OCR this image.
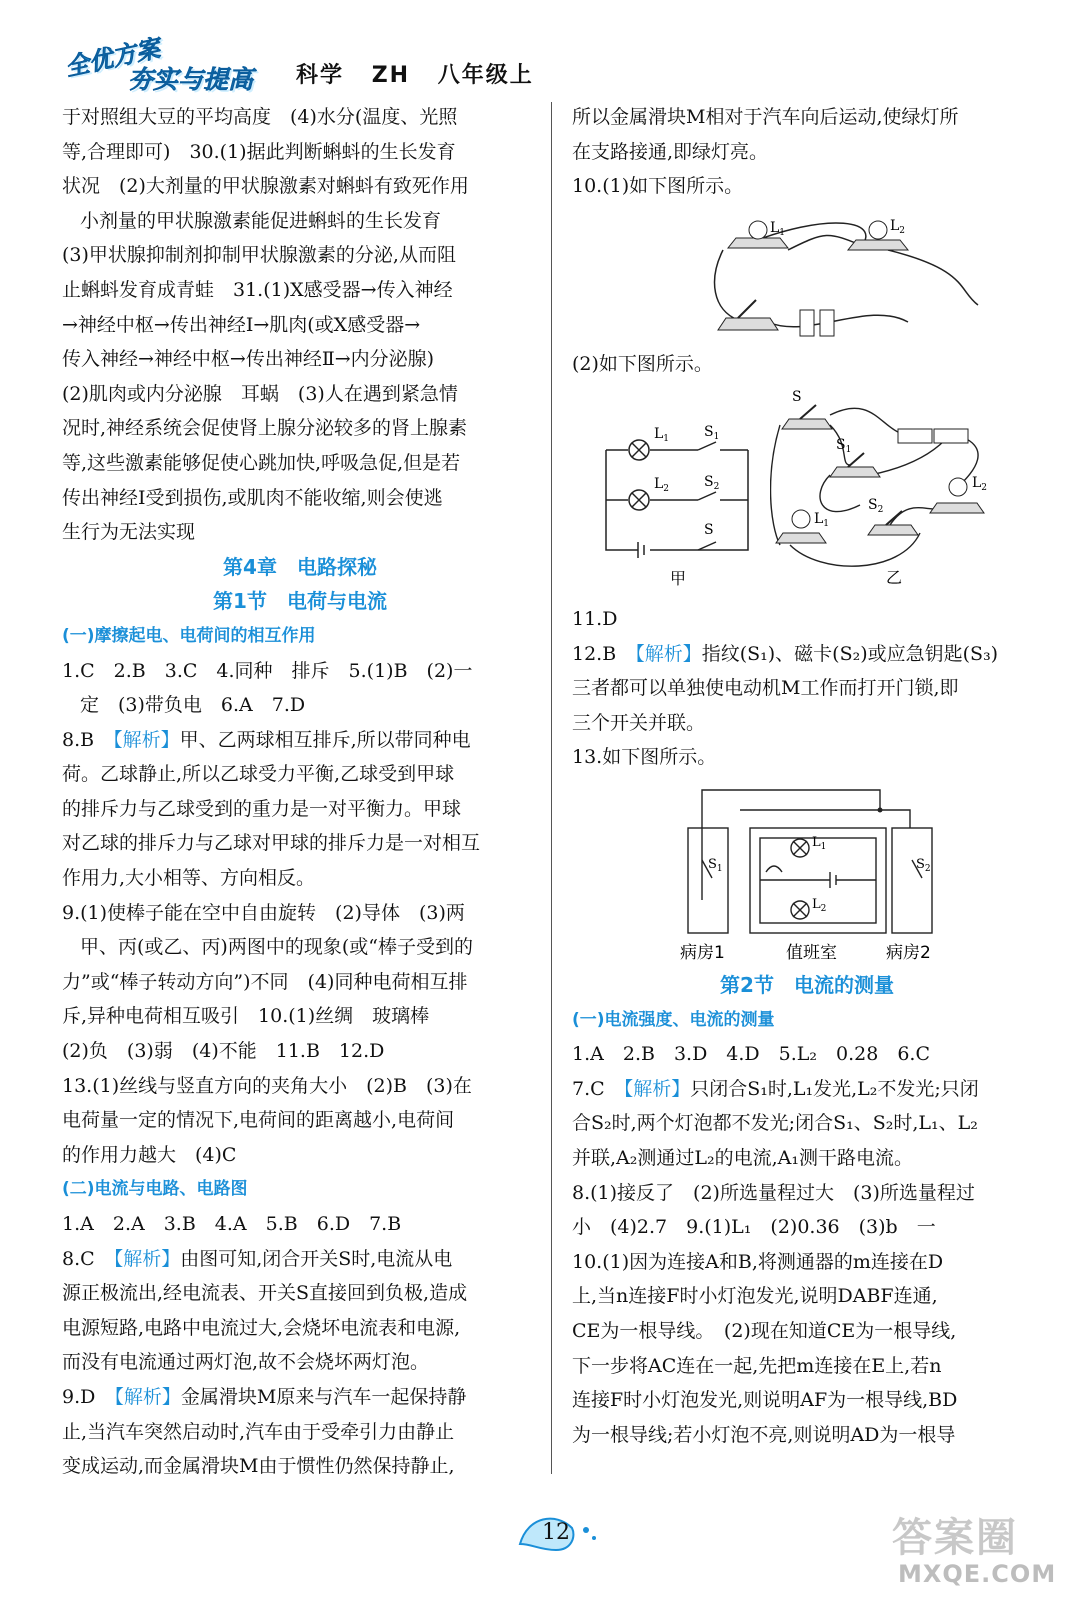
全优方案
夯实与提高 科学 ZH 八年级上

于对照组大豆的平均高度　(4)水分(温度、光照

等,合理即可)　30.(1)据此判断蝌蚪的生长发育

状况　(2)大剂量的甲状腺激素对蝌蚪有致死作用

小剂量的甲状腺激素能促进蝌蚪的生长发育

(3)甲状腺抑制剂抑制甲状腺激素的分泌,从而阻

止蝌蚪发育成青蛙　31.(1)X感受器→传入神经

→神经中枢→传出神经Ⅰ→肌肉(或X感受器→

传入神经→神经中枢→传出神经Ⅱ→内分泌腺)

(2)肌肉或内分泌腺　耳蜗　(3)人在遇到紧急情

况时,神经系统会促使肾上腺分泌较多的肾上腺素

等,这些激素能够促使心跳加快,呼吸急促,但是若

传出神经Ⅰ受到损伤,或肌肉不能收缩,则会使逃

生行为无法实现

第4章　电路探秘

第1节　电荷与电流

(一)摩擦起电、电荷间的相互作用

1.C　2.B　3.C　4.同种　排斥　5.(1)B　(2)一

定　(3)带负电　6.A　7.D

8.B　 【解析】甲、乙两球相互排斥,所以带同种电

荷。乙球静止,所以乙球受力平衡,乙球受到甲球

的排斥力与乙球受到的重力是一对平衡力。甲球

对乙球的排斥力与乙球对甲球的排斥力是一对相互

作用力,大小相等、方向相反。

9.(1)使棒子能在空中自由旋转　(2)导体　(3)两

甲、丙(或乙、丙)两图中的现象(或“棒子受到的

力”或“棒子转动方向”)不同　(4)同种电荷相互排

斥,异种电荷相互吸引　10.(1)丝绸　玻璃棒

(2)负　(3)弱　(4)不能　11.B　12.D

13.(1)丝线与竖直方向的夹角大小　(2)B　(3)在

电荷量一定的情况下,电荷间的距离越小,电荷间

的作用力越大　(4)C

(二)电流与电路、电路图

1.A　2.A　3.B　4.A　5.B　6.D　7.B

8.C　 【解析】由图可知,闭合开关S时,电流从电

源正极流出,经电流表、开关S直接回到负极,造成

电源短路,电路中电流过大,会烧坏电流表和电源,

而没有电流通过两灯泡,故不会烧坏两灯泡。

9.D　 【解析】金属滑块M原来与汽车一起保持静

止,当汽车突然启动时,汽车由于受牵引力由静止

变成运动,而金属滑块M由于惯性仍然保持静止,

所以金属滑块M相对于汽车向后运动,使绿灯所

在支路接通,即绿灯亮。

10.(1)如下图所示。

(2)如下图所示。

11.D

12.B　 【解析】指纹(S₁)、磁卡(S₂)或应急钥匙(S₃)

三者都可以单独使电动机M工作而打开门锁,即

三个开关并联。

13.如下图所示。

第2节　电流的测量

(一)电流强度、电流的测量

1.A　2.B　3.D　4.D　5.L₂　0.28　6.C

7.C　 【解析】只闭合S₁时,L₁发光,L₂不发光;只闭

合S₂时,两个灯泡都不发光;闭合S₁、S₂时,L₁、L₂

并联,A₂测通过L₂的电流,A₁测干路电流。

8.(1)接反了　(2)所选量程过大　(3)所选量程过

小　(4)2.7　9.(1)L₁　(2)0.36　(3)b　一

10.(1)因为连接A和B,将测通器的m连接在D

上,当n连接F时小灯泡发光,说明DABF连通,

CE为一根导线。　(2)现在知道CE为一根导线,

下一步将AC连在一起,先把m连接在E上,若n

连接F时小灯泡发光,则说明AF为一根导线,BD

为一根导线;若小灯泡不亮,则说明AD为一根导

$L_1$	$L_2$
$L_1$ $S_1$
$L_2$ $S_2$
S
甲
S
$S_1$
$S_2$
$L_1$
$L_2$
乙
$L_1$
$L_2$
$S_1$	$S_2$
病房1	值班室	病房2
12	答案圈
MXQE.COM
